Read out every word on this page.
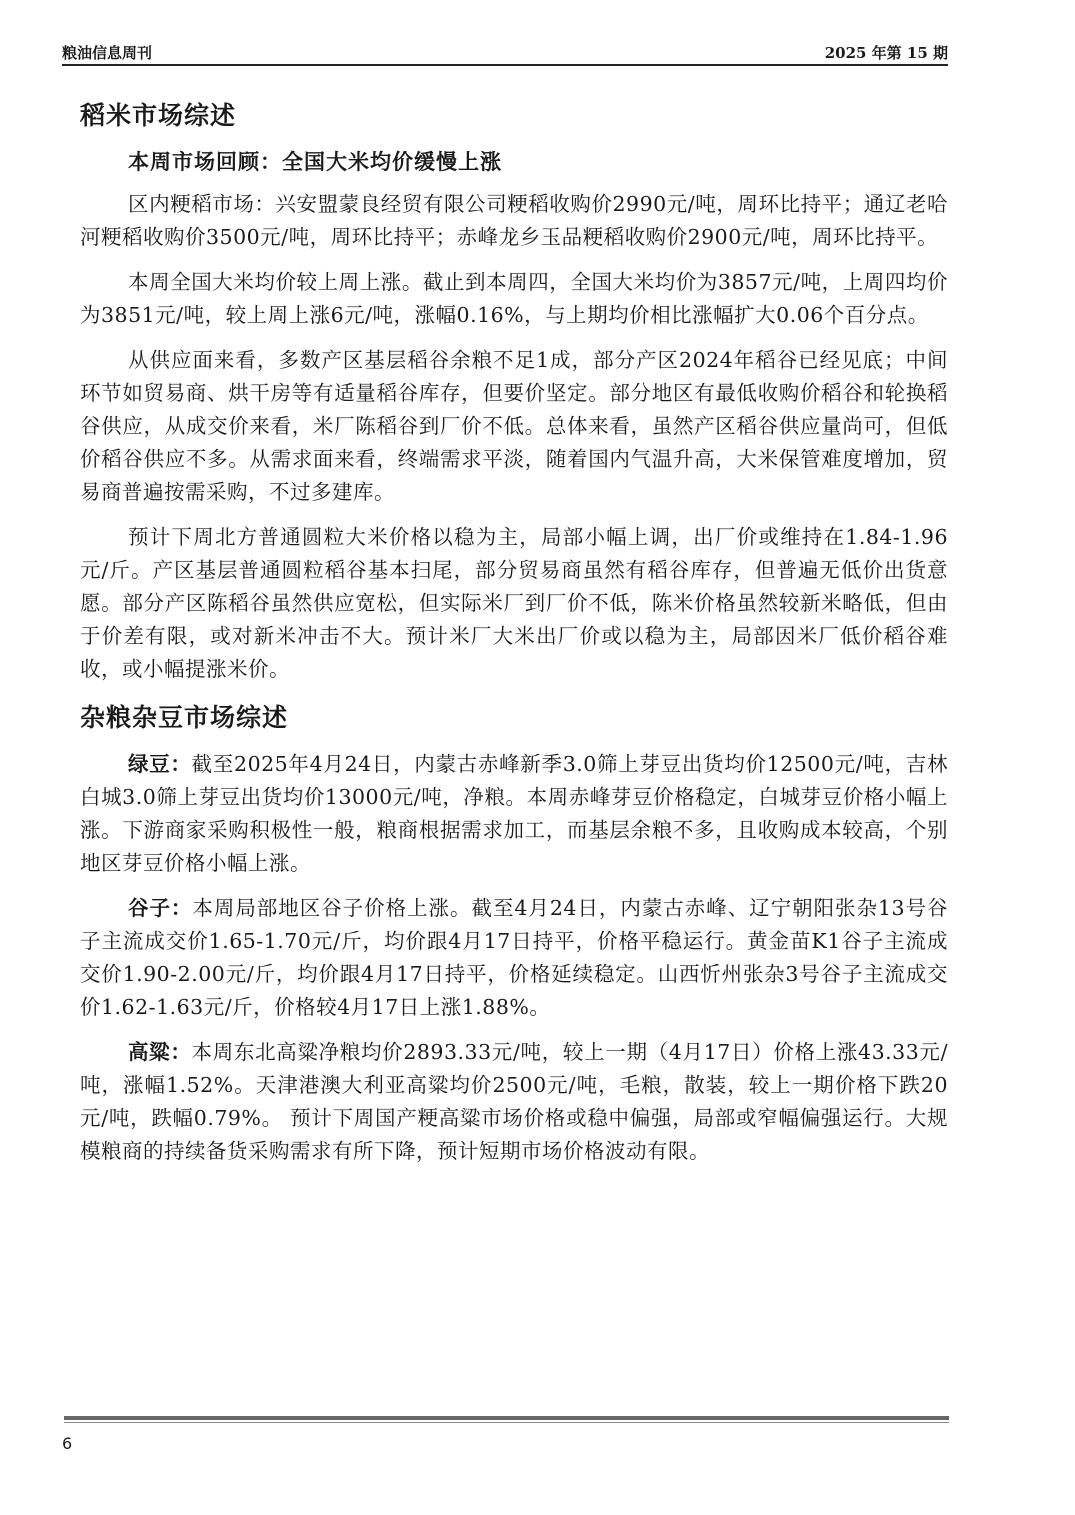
粮油信息周刊	2025 年第 15 期
稻米市场综述
本周市场回顾：全国大米均价缓慢上涨

区内粳稻市场：兴安盟蒙良经贸有限公司粳稻收购价2990元/吨，周环比持平；通辽老哈河粳稻收购价3500元/吨，周环比持平；赤峰龙乡玉品粳稻收购价2900元/吨，周环比持平。

本周全国大米均价较上周上涨。截止到本周四，全国大米均价为3857元/吨，上周四均价为3851元/吨，较上周上涨6元/吨，涨幅0.16%，与上期均价相比涨幅扩大0.06个百分点。

从供应面来看，多数产区基层稻谷余粮不足1成，部分产区2024年稻谷已经见底；中间环节如贸易商、烘干房等有适量稻谷库存，但要价坚定。部分地区有最低收购价稻谷和轮换稻谷供应，从成交价来看，米厂陈稻谷到厂价不低。总体来看，虽然产区稻谷供应量尚可，但低价稻谷供应不多。从需求面来看，终端需求平淡，随着国内气温升高，大米保管难度增加，贸易商普遍按需采购，不过多建库。

预计下周北方普通圆粒大米价格以稳为主，局部小幅上调，出厂价或维持在1.84-1.96元/斤。产区基层普通圆粒稻谷基本扫尾，部分贸易商虽然有稻谷库存，但普遍无低价出货意愿。部分产区陈稻谷虽然供应宽松，但实际米厂到厂价不低，陈米价格虽然较新米略低，但由于价差有限，或对新米冲击不大。预计米厂大米出厂价或以稳为主，局部因米厂低价稻谷难收，或小幅提涨米价。

杂粮杂豆市场综述

绿豆：截至2025年4月24日，内蒙古赤峰新季3.0筛上芽豆出货均价12500元/吨，吉林白城3.0筛上芽豆出货均价13000元/吨，净粮。本周赤峰芽豆价格稳定，白城芽豆价格小幅上涨。下游商家采购积极性一般，粮商根据需求加工，而基层余粮不多，且收购成本较高，个别地区芽豆价格小幅上涨。

谷子：本周局部地区谷子价格上涨。截至4月24日，内蒙古赤峰、辽宁朝阳张杂13号谷子主流成交价1.65-1.70元/斤，均价跟4月17日持平，价格平稳运行。黄金苗K1谷子主流成交价1.90-2.00元/斤，均价跟4月17日持平，价格延续稳定。山西忻州张杂3号谷子主流成交价1.62-1.63元/斤，价格较4月17日上涨1.88%。

高粱：本周东北高粱净粮均价2893.33元/吨，较上一期（4月17日）价格上涨43.33元/吨，涨幅1.52%。天津港澳大利亚高粱均价2500元/吨，毛粮，散装，较上一期价格下跌20元/吨，跌幅0.79%。 预计下周国产粳高粱市场价格或稳中偏强，局部或窄幅偏强运行。大规模粮商的持续备货采购需求有所下降，预计短期市场价格波动有限。

6
